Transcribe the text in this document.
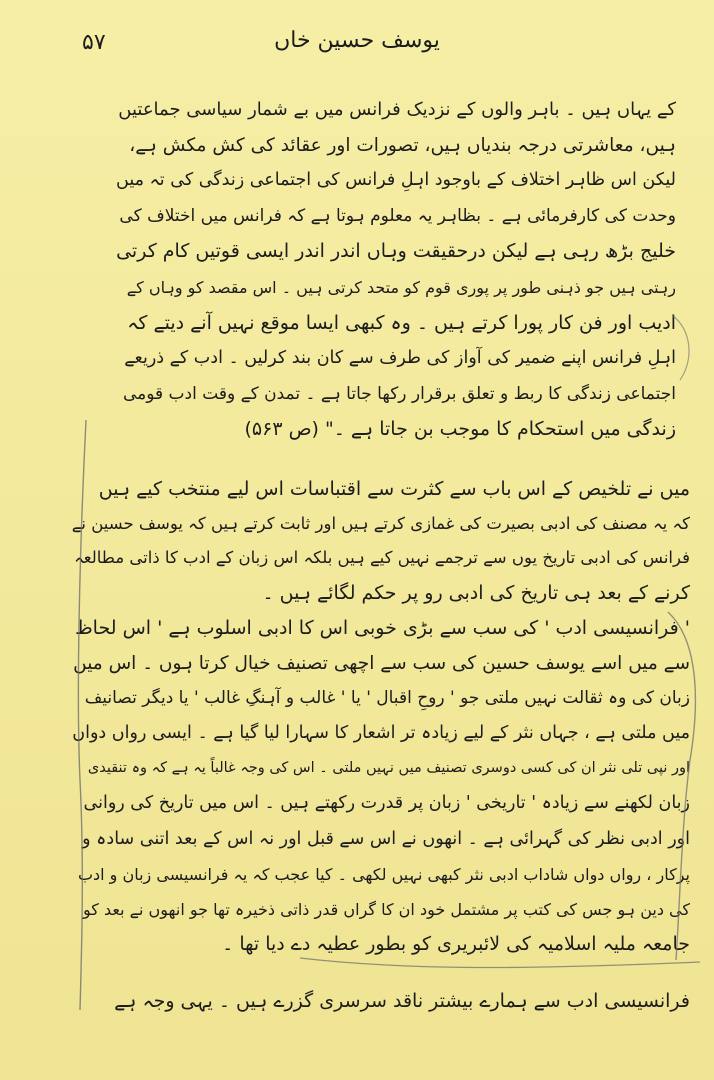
۵۷	یوسف حسین خاں
کے یہاں ہیں ۔ باہر والوں کے نزدیک فرانس میں بے شمار سیاسی جماعتیں
ہیں، معاشرتی درجہ بندیاں ہیں، تصورات اور عقائد کی کش مکش ہے،
لیکن اس ظاہر اختلاف کے باوجود اہلِ فرانس کی اجتماعی زندگی کی تہ میں
وحدت کی کارفرمائی ہے ۔ بظاہر یہ معلوم ہوتا ہے کہ فرانس میں اختلاف کی
خلیج بڑھ رہی ہے لیکن درحقیقت وہاں اندر اندر ایسی قوتیں کام کرتی
رہتی ہیں جو ذہنی طور پر پوری قوم کو متحد کرتی ہیں ۔ اس مقصد کو وہاں کے
ادیب اور فن کار پورا کرتے ہیں ۔ وہ کبھی ایسا موقع نہیں آنے دیتے کہ
اہلِ فرانس اپنے ضمیر کی آواز کی طرف سے کان بند کرلیں ۔ ادب کے ذریعے
اجتماعی زندگی کا ربط و تعلق برقرار رکھا جاتا ہے ۔ تمدن کے وقت ادب قومی
زندگی میں استحکام کا موجب بن جاتا ہے ۔" (ص ۵۶۳)
میں نے تلخیص کے اس باب سے کثرت سے اقتباسات اس لیے منتخب کیے ہیں
کہ یہ مصنف کی ادبی بصیرت کی غمازی کرتے ہیں اور ثابت کرتے ہیں کہ یوسف حسین نے
فرانس کی ادبی تاریخ یوں سے ترجمے نہیں کیے ہیں بلکہ اس زبان کے ادب کا ذاتی مطالعہ
کرنے کے بعد ہی تاریخ کی ادبی رو پر حکم لگائے ہیں ۔
' فرانسیسی ادب ' کی سب سے بڑی خوبی اس کا ادبی اسلوب ہے ' اس لحاظ
سے میں اسے یوسف حسین کی سب سے اچھی تصنیف خیال کرتا ہوں ۔ اس میں
زبان کی وہ ثقالت نہیں ملتی جو ' روحِ اقبال ' یا ' غالب و آہنگِ غالب ' یا دیگر تصانیف
میں ملتی ہے ، جہاں نثر کے لیے زیادہ تر اشعار کا سہارا لیا گیا ہے ۔ ایسی رواں دواں
اور نپی تلی نثر ان کی کسی دوسری تصنیف میں نہیں ملتی ۔ اس کی وجہ غالباً یہ ہے کہ وہ تنقیدی
زبان لکھنے سے زیادہ ' تاریخی ' زبان پر قدرت رکھتے ہیں ۔ اس میں تاریخ کی روانی
اور ادبی نظر کی گہرائی ہے ۔ انھوں نے اس سے قبل اور نہ اس کے بعد اتنی سادہ و
پرکار ، رواں دواں شاداب ادبی نثر کبھی نہیں لکھی ۔ کیا عجب کہ یہ فرانسیسی زبان و ادب
کی دین ہو جس کی کتب پر مشتمل خود ان کا گراں قدر ذاتی ذخیرہ تھا جو انھوں نے بعد کو
جامعہ ملیہ اسلامیہ کی لائبریری کو بطور عطیہ دے دیا تھا ۔
فرانسیسی ادب سے ہمارے بیشتر ناقد سرسری گزرے ہیں ۔ یہی وجہ ہے
